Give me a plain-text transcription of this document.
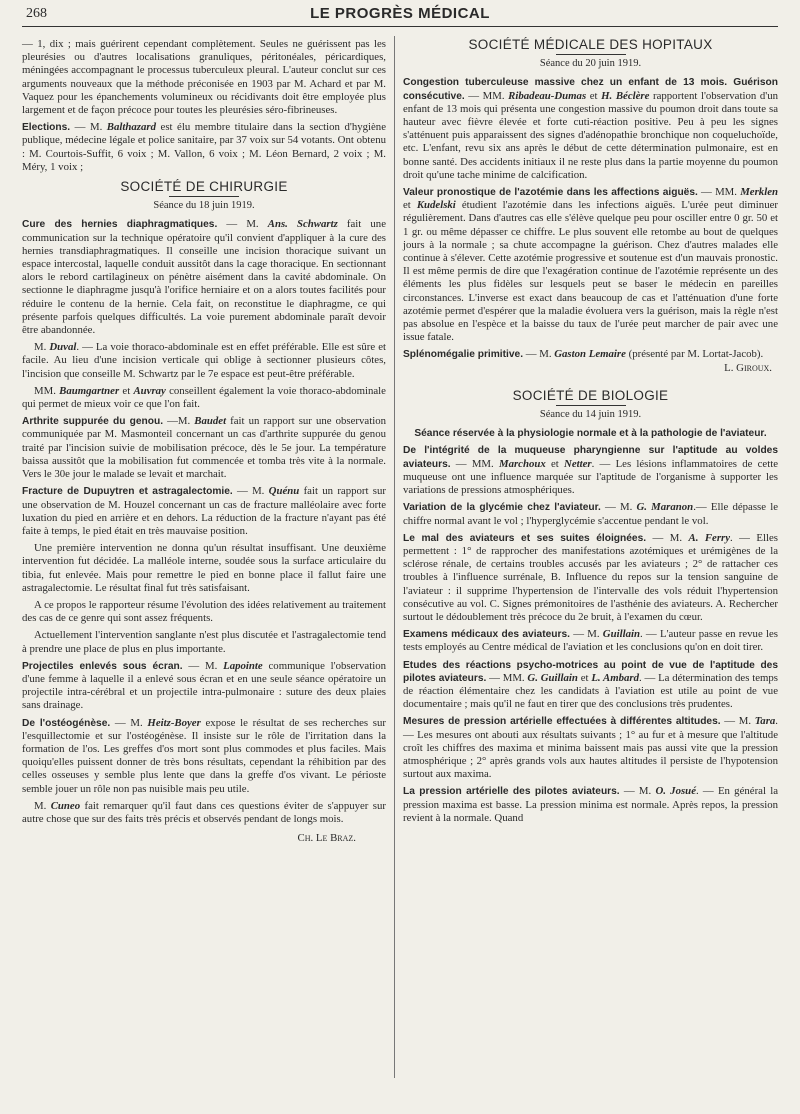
268	LE PROGRÈS MÉDICAL

— 1, dix ; mais guérirent cependant complètement. Seules ne guérissent pas les pleurésies ou d'autres localisations granuliques, péritonéales, péricardiques, méningées accompagnant le processus tuberculeux pleural. L'auteur conclut sur ces arguments nouveaux que la méthode préconisée en 1903 par M. Achard et par M. Vaquez pour les épanchements volumineux ou récidivants doit être employée plus largement et de façon précoce pour toutes les pleurésies séro-fibrineuses.

Elections. — M. Balthazard est élu membre titulaire dans la section d'hygiène publique, médecine légale et police sanitaire, par 37 voix sur 54 votants. Ont obtenu : M. Courtois-Suffit, 6 voix ; M. Vallon, 6 voix ; M. Léon Bernard, 2 voix ; M. Méry, 1 voix ;

SOCIÉTÉ DE CHIRURGIE
Séance du 18 juin 1919.

Cure des hernies diaphragmatiques. — M. Ans. Schwartz fait une communication sur la technique opératoire qu'il convient d'appliquer à la cure des hernies transdiaphragmatiques. Il conseille une incision thoracique suivant un espace intercostal, laquelle conduit aussitôt dans la cage thoracique. En sectionnant alors le rebord cartilagineux on pénètre aisément dans la cavité abdominale. On sectionne le diaphragme jusqu'à l'orifice herniaire et on a alors toutes facilités pour réduire le contenu de la hernie. Cela fait, on reconstitue le diaphragme, ce qui présente parfois quelques difficultés. La voie purement abdominale paraît devoir être abandonnée.

M. Duval. — La voie thoraco-abdominale est en effet préférable. Elle est sûre et facile. Au lieu d'une incision verticale qui oblige à sectionner plusieurs côtes, l'incision que conseille M. Schwartz par le 7e espace est peut-être préférable.

MM. Baumgartner et Auvray conseillent également la voie thoraco-abdominale qui permet de mieux voir ce que l'on fait.

Arthrite suppurée du genou. —M. Baudet fait un rapport sur une observation communiquée par M. Masmonteil concernant un cas d'arthrite suppurée du genou traité par l'incision suivie de mobilisation précoce, dès le 5e jour. La température baissa aussitôt que la mobilisation fut commencée et tomba très vite à la normale. Vers le 30e jour le malade se levait et marchait.

Fracture de Dupuytren et astragalectomie. — M. Quénu fait un rapport sur une observation de M. Houzel concernant un cas de fracture malléolaire avec forte luxation du pied en arrière et en dehors. La réduction de la fracture n'ayant pas été faite à temps, le pied était en très mauvaise position.

Une première intervention ne donna qu'un résultat insuffisant. Une deuxième intervention fut décidée. La malléole interne, soudée sous la surface articulaire du tibia, fut enlevée. Mais pour remettre le pied en bonne place il fallut faire une astragalectomie. Le résultat final fut très satisfaisant.

A ce propos le rapporteur résume l'évolution des idées relativement au traitement des cas de ce genre qui sont assez fréquents.

Actuellement l'intervention sanglante n'est plus discutée et l'astragalectomie tend à prendre une place de plus en plus importante.

Projectiles enlevés sous écran. — M. Lapointe communique l'observation d'une femme à laquelle il a enlevé sous écran et en une seule séance opératoire un projectile intra-cérébral et un projectile intra-pulmonaire : suture des deux plaies sans drainage.

De l'ostéogénèse. — M. Heitz-Boyer expose le résultat de ses recherches sur l'esquillectomie et sur l'ostéogénèse. Il insiste sur le rôle de l'irritation dans la formation de l'os. Les greffes d'os mort sont plus commodes et plus faciles. Mais quoiqu'elles puissent donner de très bons résultats, cependant la réhibition par des celles osseuses y semble plus lente que dans la greffe d'os vivant. Le périoste semble jouer un rôle non pas nuisible mais peu utile.

M. Cuneo fait remarquer qu'il faut dans ces questions éviter de s'appuyer sur autre chose que sur des faits très précis et observés pendant de longs mois.

Ch. Le Braz.
SOCIÉTÉ MÉDICALE DES HOPITAUX
Séance du 20 juin 1919.

Congestion tuberculeuse massive chez un enfant de 13 mois. Guérison consécutive. — MM. Ribadeau-Dumas et H. Béclère rapportent l'observation d'un enfant de 13 mois qui présenta une congestion massive du poumon droit dans toute sa hauteur avec fièvre élevée et forte cuti-réaction positive. Peu à peu les signes s'atténuent puis apparaissent des signes d'adénopathie bronchique non coqueluchoïde, etc. L'enfant, revu six ans après le début de cette détermination pulmonaire, est en bonne santé. Des accidents initiaux il ne reste plus dans la partie moyenne du poumon droit qu'une tache minime de calcification.

Valeur pronostique de l'azotémie dans les affections aiguës. — MM. Merklen et Kudelski étudient l'azotémie dans les infections aiguës. L'urée peut diminuer régulièrement. Dans d'autres cas elle s'élève quelque peu pour osciller entre 0 gr. 50 et 1 gr. ou même dépasser ce chiffre. Le plus souvent elle retombe au bout de quelques jours à la normale ; sa chute accompagne la guérison. Chez d'autres malades elle continue à s'élever. Cette azotémie progressive et soutenue est d'un mauvais pronostic. Il est même permis de dire que l'exagération continue de l'azotémie représente un des éléments les plus fidèles sur lesquels peut se baser le médecin en pareilles circonstances. L'inverse est exact dans beaucoup de cas et l'atténuation d'une forte azotémie permet d'espérer que la maladie évoluera vers la guérison, mais la règle n'est pas absolue en l'espèce et la baisse du taux de l'urée peut marcher de pair avec une issue fatale.

Splénomégalie primitive. — M. Gaston Lemaire (présenté par M. Lortat-Jacob).
L. Giroux.

SOCIÉTÉ DE BIOLOGIE
Séance du 14 juin 1919.
Séance réservée à la physiologie normale et à la pathologie de l'aviateur.

De l'intégrité de la muqueuse pharyngienne sur l'aptitude au voldes aviateurs. — MM. Marchoux et Netter. — Les lésions inflammatoires de cette muqueuse ont une influence marquée sur l'aptitude de l'organisme à supporter les variations de pressions atmosphériques.

Variation de la glycémie chez l'aviateur. — M. G. Maranon.— Elle dépasse le chiffre normal avant le vol ; l'hyperglycémie s'accentue pendant le vol.

Le mal des aviateurs et ses suites éloignées. — M. A. Ferry. — Elles permettent : 1° de rapprocher des manifestations azotémiques et urémigènes de la sclérose rénale, de certains troubles accusés par les aviateurs ; 2° de rattacher ces troubles à l'influence surrénale, B. Influence du repos sur la tension sanguine de l'aviateur : il supprime l'hypertension de l'intervalle des vols réduit l'hypertension consécutive au vol. C. Signes prémonitoires de l'asthénie des aviateurs. A. Rechercher surtout le dédoublement très précoce du 2e bruit, à l'examen du cœur.

Examens médicaux des aviateurs. — M. Guillain. — L'auteur passe en revue les tests employés au Centre médical de l'aviation et les conclusions qu'on en doit tirer.

Etudes des réactions psycho-motrices au point de vue de l'aptitude des pilotes aviateurs. — MM. G. Guillain et L. Ambard. — La détermination des temps de réaction élémentaire chez les candidats à l'aviation est utile au point de vue documentaire ; mais qu'il ne faut en tirer que des conclusions très prudentes.

Mesures de pression artérielle effectuées à différentes altitudes. — M. Tara. — Les mesures ont abouti aux résultats suivants ; 1° au fur et à mesure que l'altitude croît les chiffres des maxima et minima baissent mais pas aussi vite que la pression atmosphérique ; 2° après grands vols aux hautes altitudes il persiste de l'hypotension surtout aux maxima.

La pression artérielle des pilotes aviateurs. — M. O. Josué. — En général la pression maxima est basse. La pression minima est normale. Après repos, la pression revient à la normale. Quand
